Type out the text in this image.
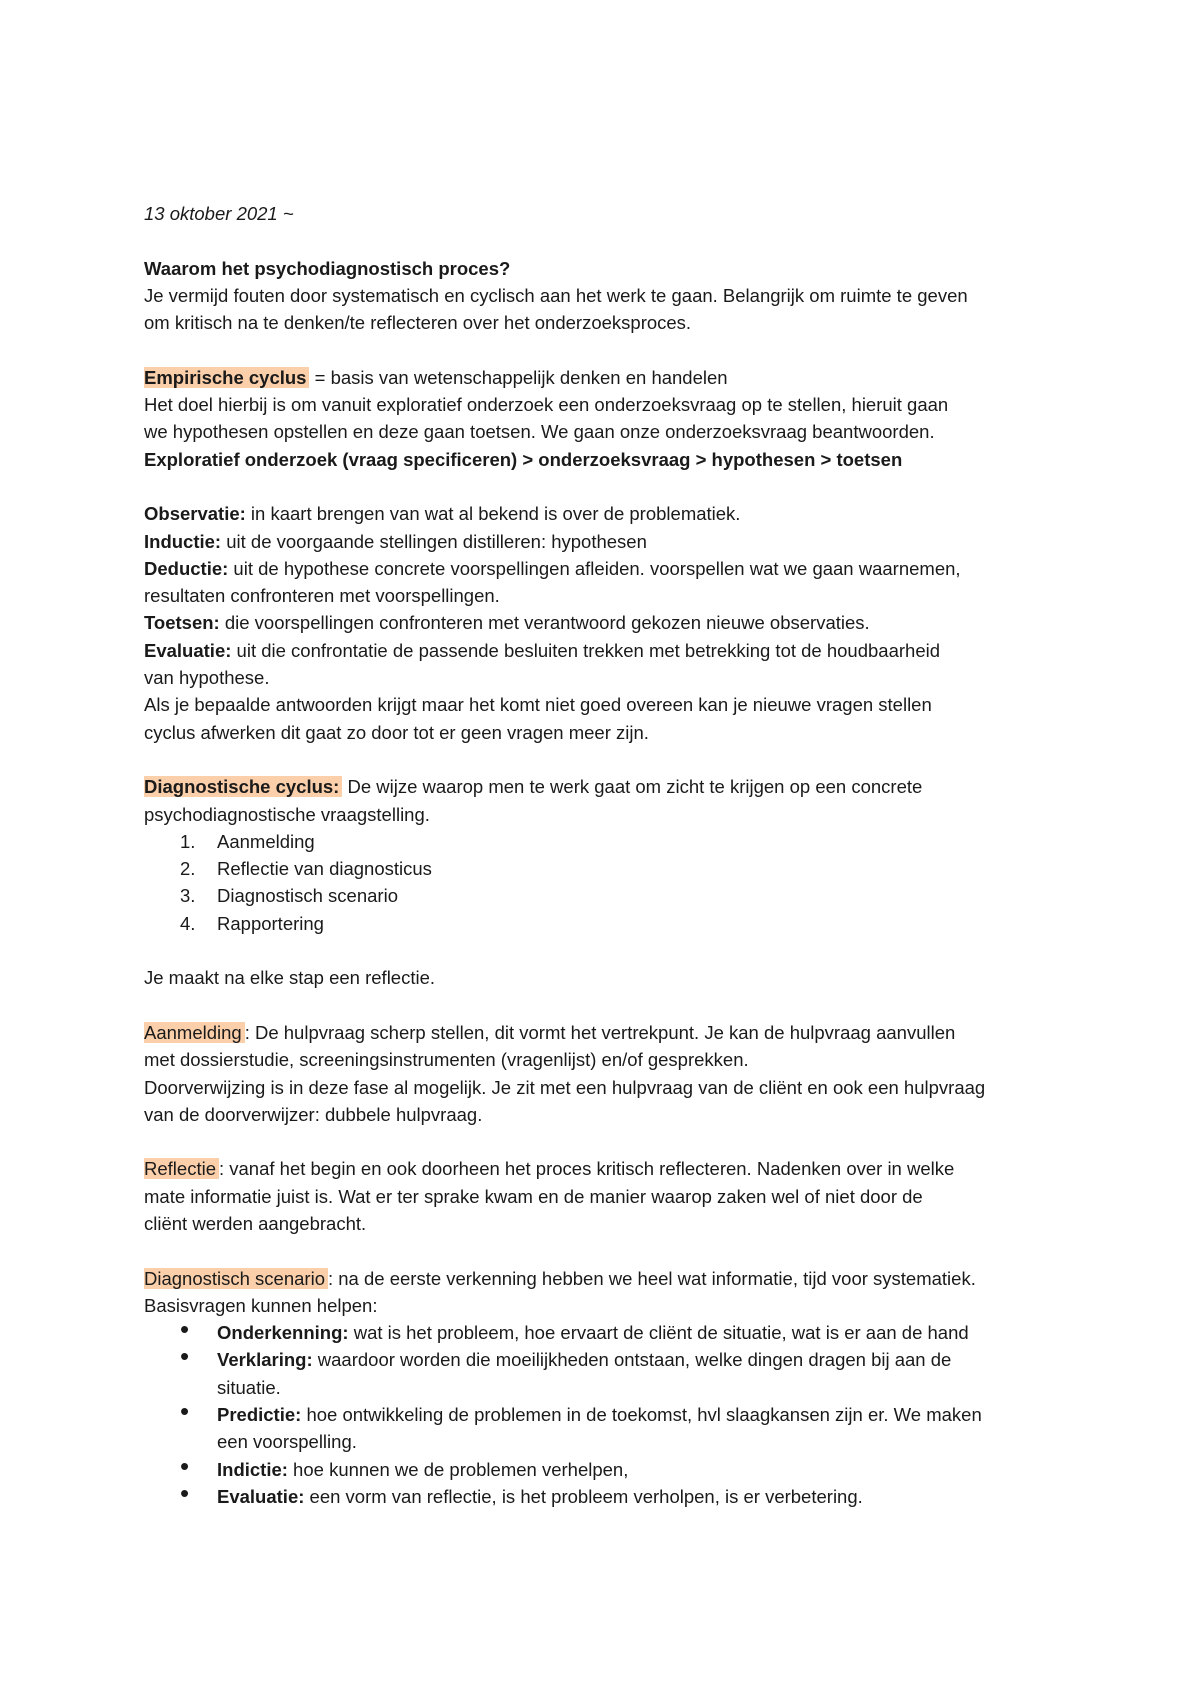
13 oktober 2021 ~

Waarom het psychodiagnostisch proces?

Je vermijd fouten door systematisch en cyclisch aan het werk te gaan. Belangrijk om ruimte te geven

om kritisch na te denken/te reflecteren over het onderzoeksproces.

Empirische cyclus = basis van wetenschappelijk denken en handelen

Het doel hierbij is om vanuit exploratief onderzoek een onderzoeksvraag op te stellen, hieruit gaan

we hypothesen opstellen en deze gaan toetsen. We gaan onze onderzoeksvraag beantwoorden.

Exploratief onderzoek (vraag specificeren) > onderzoeksvraag > hypothesen > toetsen

Observatie: in kaart brengen van wat al bekend is over de problematiek.

Inductie: uit de voorgaande stellingen distilleren: hypothesen

Deductie: uit de hypothese concrete voorspellingen afleiden. voorspellen wat we gaan waarnemen,

resultaten confronteren met voorspellingen.

Toetsen: die voorspellingen confronteren met verantwoord gekozen nieuwe observaties.

Evaluatie: uit die confrontatie de passende besluiten trekken met betrekking tot de houdbaarheid

van hypothese.

Als je bepaalde antwoorden krijgt maar het komt niet goed overeen kan je nieuwe vragen stellen

cyclus afwerken dit gaat zo door tot er geen vragen meer zijn.

Diagnostische cyclus: De wijze waarop men te werk gaat om zicht te krijgen op een concrete

psychodiagnostische vraagstelling.

1. Aanmelding
2. Reflectie van diagnosticus
3. Diagnostisch scenario
4. Rapportering

Je maakt na elke stap een reflectie.

Aanmelding : De hulpvraag scherp stellen, dit vormt het vertrekpunt. Je kan de hulpvraag aanvullen

met dossierstudie, screeningsinstrumenten (vragenlijst) en/of gesprekken.

Doorverwijzing is in deze fase al mogelijk. Je zit met een hulpvraag van de cliënt en ook een hulpvraag

van de doorverwijzer: dubbele hulpvraag.

Reflectie : vanaf het begin en ook doorheen het proces kritisch reflecteren. Nadenken over in welke

mate informatie juist is. Wat er ter sprake kwam en de manier waarop zaken wel of niet door de

cliënt werden aangebracht.

Diagnostisch scenario : na de eerste verkenning hebben we heel wat informatie, tijd voor systematiek.

Basisvragen kunnen helpen:

• Onderkenning: wat is het probleem, hoe ervaart de cliënt de situatie, wat is er aan de hand
• Verklaring: waardoor worden die moeilijkheden ontstaan, welke dingen dragen bij aan de
situatie.
• Predictie: hoe ontwikkeling de problemen in de toekomst, hvl slaagkansen zijn er. We maken
een voorspelling.
• Indictie: hoe kunnen we de problemen verhelpen,
• Evaluatie: een vorm van reflectie, is het probleem verholpen, is er verbetering.
